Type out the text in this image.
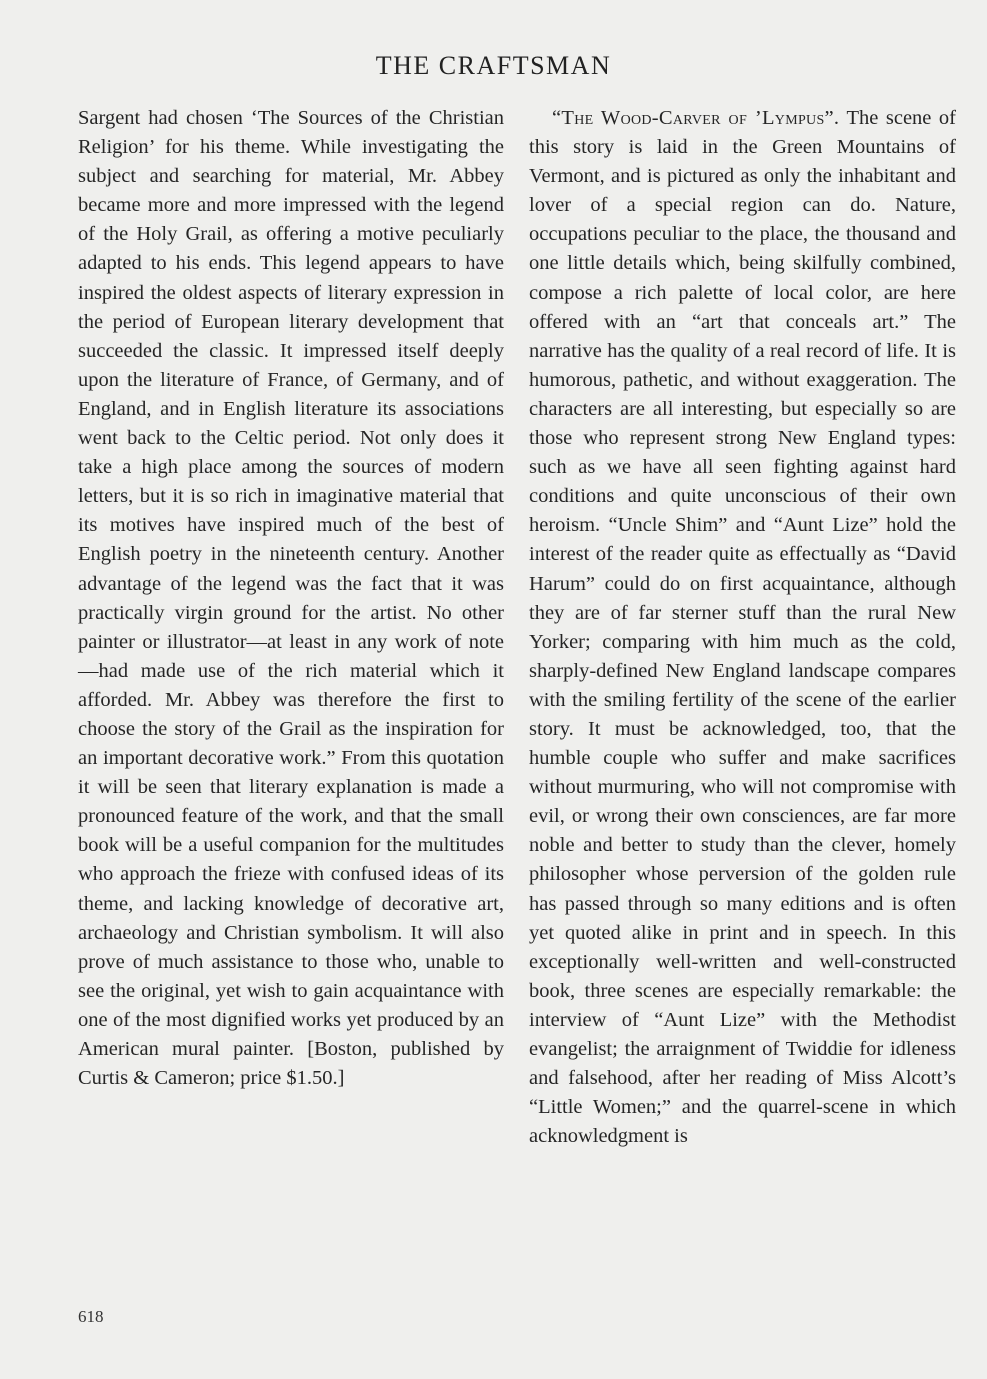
THE CRAFTSMAN

Sargent had chosen ‘The Sources of the Christian Religion’ for his theme. While investigating the subject and searching for material, Mr. Abbey became more and more impressed with the legend of the Holy Grail, as offering a motive peculiarly adapted to his ends. This legend appears to have inspired the oldest aspects of literary expression in the period of European literary development that succeeded the classic. It impressed itself deeply upon the literature of France, of Germany, and of England, and in English literature its associations went back to the Celtic period. Not only does it take a high place among the sources of modern letters, but it is so rich in imaginative material that its motives have inspired much of the best of English poetry in the nineteenth century. Another advantage of the legend was the fact that it was practically virgin ground for the artist. No other painter or illustrator—at least in any work of note—had made use of the rich material which it afforded. Mr. Abbey was therefore the first to choose the story of the Grail as the inspiration for an important decorative work.” From this quotation it will be seen that literary explanation is made a pronounced feature of the work, and that the small book will be a useful companion for the multitudes who approach the frieze with confused ideas of its theme, and lacking knowledge of decorative art, archaeology and Christian symbolism. It will also prove of much assistance to those who, unable to see the original, yet wish to gain acquaintance with one of the most dignified works yet produced by an American mural painter. [Boston, published by Curtis & Cameron; price $1.50.]

“The Wood-Carver of ’Lympus”. The scene of this story is laid in the Green Mountains of Vermont, and is pictured as only the inhabitant and lover of a special region can do. Nature, occupations peculiar to the place, the thousand and one little details which, being skilfully combined, compose a rich palette of local color, are here offered with an “art that conceals art.” The narrative has the quality of a real record of life. It is humorous, pathetic, and without exaggeration. The characters are all interesting, but especially so are those who represent strong New England types: such as we have all seen fighting against hard conditions and quite unconscious of their own heroism. “Uncle Shim” and “Aunt Lize” hold the interest of the reader quite as effectually as “David Harum” could do on first acquaintance, although they are of far sterner stuff than the rural New Yorker; comparing with him much as the cold, sharply-defined New England landscape compares with the smiling fertility of the scene of the earlier story. It must be acknowledged, too, that the humble couple who suffer and make sacrifices without murmuring, who will not compromise with evil, or wrong their own consciences, are far more noble and better to study than the clever, homely philosopher whose perversion of the golden rule has passed through so many editions and is often yet quoted alike in print and in speech. In this exceptionally well-written and well-constructed book, three scenes are especially remarkable: the interview of “Aunt Lize” with the Methodist evangelist; the arraignment of Twiddie for idleness and falsehood, after her reading of Miss Alcott’s “Little Women;” and the quarrel-scene in which acknowledgment is

618
